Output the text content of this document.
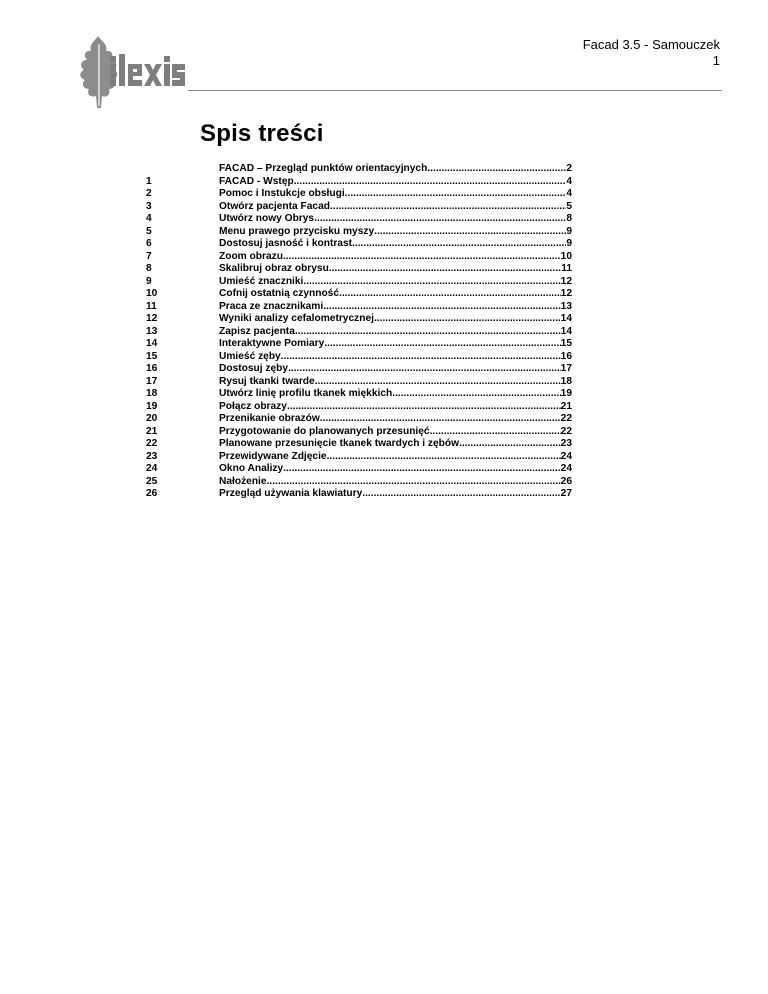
Facad 3.5 - Samouczek
1
Spis treści
FACAD – Przegląd punktów orientacyjnych .....	2
1	FACAD - Wstęp .....	4
2	Pomoc i Instukcje obsługi .....	4
3	Otwórz pacjenta Facad .....	5
4	Utwórz nowy Obrys .....	8
5	Menu prawego przycisku myszy .....	9
6	Dostosuj jasność i kontrast .....	9
7	Zoom obrazu .....	10
8	Skalibruj obraz obrysu .....	11
9	Umieść znaczniki .....	12
10	Cofnij ostatnią czynność .....	12
11	Praca ze znacznikami .....	13
12	Wyniki analizy cefalometrycznej .....	14
13	Zapisz pacjenta .....	14
14	Interaktywne Pomiary .....	15
15	Umieść zęby .....	16
16	Dostosuj zęby .....	17
17	Rysuj tkanki twarde .....	18
18	Utwórz linię profilu tkanek miękkich .....	19
19	Połącz obrazy .....	21
20	Przenikanie obrazów .....	22
21	Przygotowanie do planowanych przesunięć .....	22
22	Planowane przesunięcie tkanek twardych i zębów .....	23
23	Przewidywane Zdjęcie .....	24
24	Okno Analizy .....	24
25	Nałożenie .....	26
26	Przegląd używania klawiatury .....	27
